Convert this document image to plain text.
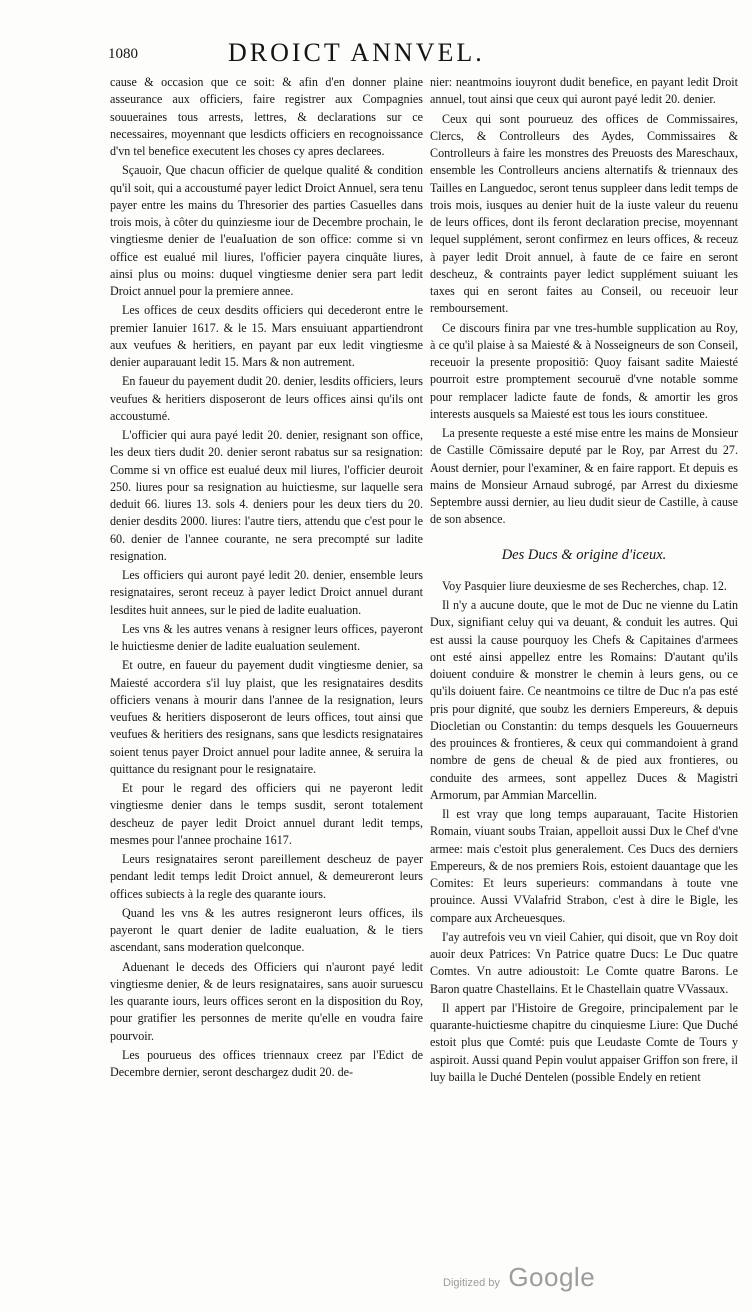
1080	DROICT ANNVEL.

cause & occasion que ce soit: & afin d'en donner plaine asseurance aux officiers, faire registrer aux Compagnies souueraines tous arrests, lettres, & declarations sur ce necessaires, moyennant que lesdicts officiers en recognoissance d'vn tel benefice executent les choses cy apres declarees.

Sçauoir, Que chacun officier de quelque qualité & condition qu'il soit, qui a accoustumé payer ledict Droict Annuel, sera tenu payer entre les mains du Thresorier des parties Casuelles dans trois mois, à côter du quinziesme iour de Decembre prochain, le vingtiesme denier de l'euaIuation de son office: comme si vn office est eualué mil liures, l'officier payera cinquâte liures, ainsi plus ou moins: duquel vingtiesme denier sera part ledit Droict annuel pour la premiere annee.

Les offices de ceux desdits officiers qui decederont entre le premier Ianuier 1617. & le 15. Mars ensuiuant appartiendront aux veufues & heritiers, en payant par eux ledit vingtiesme denier auparauant ledit 15. Mars & non autrement.

En faueur du payement dudit 20. denier, lesdits officiers, leurs veufues & heritiers disposeront de leurs offices ainsi qu'ils ont accoustumé.

L'officier qui aura payé ledit 20. denier, resignant son office, les deux tiers dudit 20. denier seront rabatus sur sa resignation: Comme si vn office est eualué deux mil liures, l'officier deuroit 250. liures pour sa resignation au huictiesme, sur laquelle sera deduit 66. liures 13. sols 4. deniers pour les deux tiers du 20. denier desdits 2000. liures: l'autre tiers, attendu que c'est pour le 60. denier de l'annee courante, ne sera precompté sur ladite resignation.

Les officiers qui auront payé ledit 20. denier, ensemble leurs resignataires, seront receuz à payer ledict Droict annuel durant lesdites huit annees, sur le pied de ladite eualuation.

Les vns & les autres venans à resigner leurs offices, payeront le huictiesme denier de ladite eualuation seulement.

Et outre, en faueur du payement dudit vingtiesme denier, sa Maiesté accordera s'il luy plaist, que les resignataires desdits officiers venans à mourir dans l'annee de la resignation, leurs veufues & heritiers disposeront de leurs offices, tout ainsi que veufues & heritiers des resignans, sans que lesdicts resignataires soient tenus payer Droict annuel pour ladite annee, & seruira la quittance du resignant pour le resignataire.

Et pour le regard des officiers qui ne payeront ledit vingtiesme denier dans le temps susdit, seront totalement descheuz de payer ledit Droict annuel durant ledit temps, mesmes pour l'annee prochaine 1617.

Leurs resignataires seront pareillement descheuz de payer pendant ledit temps ledit Droict annuel, & demeureront leurs offices subiects à la regle des quarante iours.

Quand les vns & les autres resigneront leurs offices, ils payeront le quart denier de ladite eualuation, & le tiers ascendant, sans moderation quelconque.

Aduenant le deceds des Officiers qui n'auront payé ledit vingtiesme denier, & de leurs resignataires, sans auoir suruescu les quarante iours, leurs offices seront en la disposition du Roy, pour gratifier les personnes de merite qu'elle en voudra faire pourvoir.

Les pourueus des offices triennaux creez par l'Edict de Decembre dernier, seront deschargez dudit 20. de-

nier: neantmoins iouyront dudit benefice, en payant ledit Droit annuel, tout ainsi que ceux qui auront payé ledit 20. denier.

Ceux qui sont pourueuz des offices de Commissaires, Clercs, & Controlleurs des Aydes, Commissaires & Controlleurs à faire les monstres des Preuosts des Mareschaux, ensemble les Controlleurs anciens alternatifs & triennaux des Tailles en Languedoc, seront tenus suppleer dans ledit temps de trois mois, iusques au denier huit de la iuste valeur du reuenu de leurs offices, dont ils feront declaration precise, moyennant lequel supplément, seront confirmez en leurs offices, & receuz à payer ledit Droit annuel, à faute de ce faire en seront descheuz, & contraints payer ledict supplément suiuant les taxes qui en seront faites au Conseil, ou receuoir leur remboursement.

Ce discours finira par vne tres-humble supplication au Roy, à ce qu'il plaise à sa Maiesté & à Nosseigneurs de son Conseil, receuoir la presente propositiō: Quoy faisant sadite Maiesté pourroit estre promptement secouruë d'vne notable somme pour remplacer ladicte faute de fonds, & amortir les gros interests ausquels sa Maiesté est tous les iours constituee.

La presente requeste a esté mise entre les mains de Monsieur de Castille Cōmissaire deputé par le Roy, par Arrest du 27. Aoust dernier, pour l'examiner, & en faire rapport. Et depuis es mains de Monsieur Arnaud subrogé, par Arrest du dixiesme Septembre aussi dernier, au lieu dudit sieur de Castille, à cause de son absence.

Des Ducs & origine d'iceux.

Voy Pasquier liure deuxiesme de ses Recherches, chap. 12.

Il n'y a aucune doute, que le mot de Duc ne vienne du Latin Dux, signifiant celuy qui va deuant, & conduit les autres. Qui est aussi la cause pourquoy les Chefs & Capitaines d'armees ont esté ainsi appellez entre les Romains: D'autant qu'ils doiuent conduire & monstrer le chemin à leurs gens, ou ce qu'ils doiuent faire. Ce neantmoins ce tiltre de Duc n'a pas esté pris pour dignité, que soubz les derniers Empereurs, & depuis Diocletian ou Constantin: du temps desquels les Gouuerneurs des prouinces & frontieres, & ceux qui commandoient à grand nombre de gens de cheual & de pied aux frontieres, ou conduite des armees, sont appellez Duces & Magistri Armorum, par Ammian Marcellin.

Il est vray que long temps auparauant, Tacite Historien Romain, viuant soubs Traian, appelloit aussi Dux le Chef d'vne armee: mais c'estoit plus generalement. Ces Ducs des derniers Empereurs, & de nos premiers Rois, estoient dauantage que les Comites: Et leurs superieurs: commandans à toute vne prouince. Aussi VValafrid Strabon, c'est à dire le Bigle, les compare aux Archeuesques.

I'ay autrefois veu vn vieil Cahier, qui disoit, que vn Roy doit auoir deux Patrices: Vn Patrice quatre Ducs: Le Duc quatre Comtes. Vn autre adioustoit: Le Comte quatre Barons. Le Baron quatre Chastellains. Et le Chastellain quatre VVassaux.

Il appert par l'Histoire de Gregoire, principalement par le quarante-huictiesme chapitre du cinquiesme Liure: Que Duché estoit plus que Comté: puis que Leudaste Comte de Tours y aspiroit. Aussi quand Pepin voulut appaiser Griffon son frere, il luy bailla le Duché Dentelen (possible Endely en retient

Digitized by Google
